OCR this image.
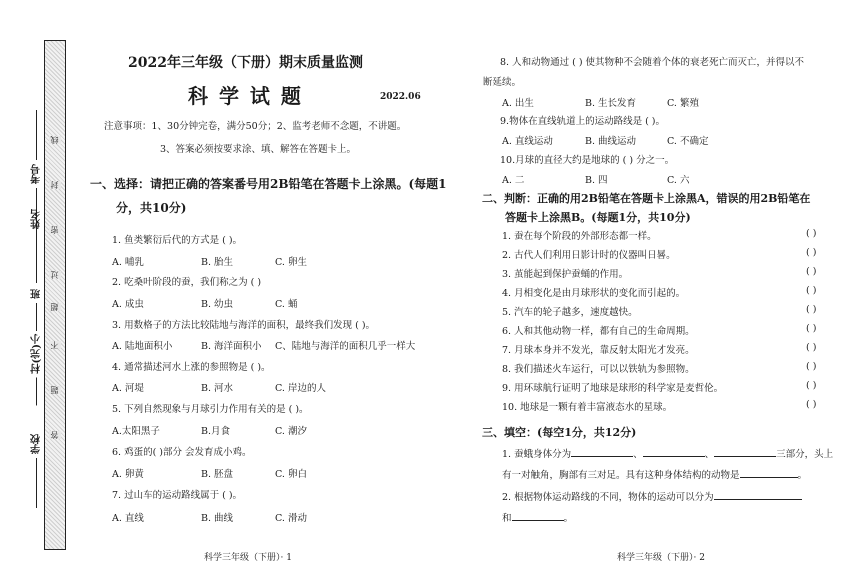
考号
姓名
班
村(完)小
学校
线
封
密
过
超
不
题
答
2022年三年级（下册）期末质量监测
科 学 试 题	2022.06
注意事项：1、30分钟完卷，满分50分；2、监考老师不念题，不讲题。
3、答案必须按要求涂、填、解答在答题卡上。
一、选择：请把正确的答案番号用2B铅笔在答题卡上涂黑。(每题1
分，共10分)
1. 鱼类繁衍后代的方式是 ( )。
A. 哺乳	B. 胎生	C. 卵生
2. 吃桑叶阶段的蚕，我们称之为 ( )
A. 成虫	B. 幼虫	C. 蛹
3. 用数格子的方法比较陆地与海洋的面积，最终我们发现 ( )。
A. 陆地面积小	B. 海洋面积小 C、陆地与海洋的面积几乎一样大
4. 通常描述河水上涨的参照物是 ( )。
A. 河堤	B. 河水	C. 岸边的人
5. 下列自然现象与月球引力作用有关的是 ( )。
A.太阳黑子	B.月食	C. 潮汐
6. 鸡蛋的( )部分 会发育成小鸡。
A. 卵黄	B. 胚盘	C. 卵白
7. 过山车的运动路线属于 ( )。
A. 直线	B. 曲线	C. 滑动
科学三年级（下册）· 1
8. 人和动物通过 ( ) 使其物种不会随着个体的衰老死亡而灭亡，并得以不
断延续。
A. 出生	B. 生长发育	C. 繁殖
9.物体在直线轨道上的运动路线是 ( )。
A. 直线运动	B. 曲线运动	C. 不确定
10.月球的直径大约是地球的 ( ) 分之一。
A. 二	B. 四	C. 六
二、判断：正确的用2B铅笔在答题卡上涂黑A，错误的用2B铅笔在
答题卡上涂黑B。(每题1分，共10分)
1. 蚕在每个阶段的外部形态都一样。	( )
2. 古代人们利用日影计时的仪器叫日晷。	( )
3. 茧能起到保护蚕蛹的作用。	( )
4. 月相变化是由月球形状的变化而引起的。	( )
5. 汽车的轮子越多，速度越快。	( )
6. 人和其他动物一样，都有自己的生命周期。	( )
7. 月球本身并不发光，靠反射太阳光才发亮。	( )
8. 我们描述火车运行，可以以铁轨为参照物。	( )
9. 用环球航行证明了地球是球形的科学家是麦哲伦。	( )
10. 地球是一颗有着丰富液态水的星球。	( )
三、填空：(每空1分，共12分)
1. 蚕蛾身体分为	、	、	三部分，头上
有一对触角，胸部有三对足。具有这种身体结构的动物是	。
2. 根据物体运动路线的不同，物体的运动可以分为
和	。
科学三年级（下册）· 2
